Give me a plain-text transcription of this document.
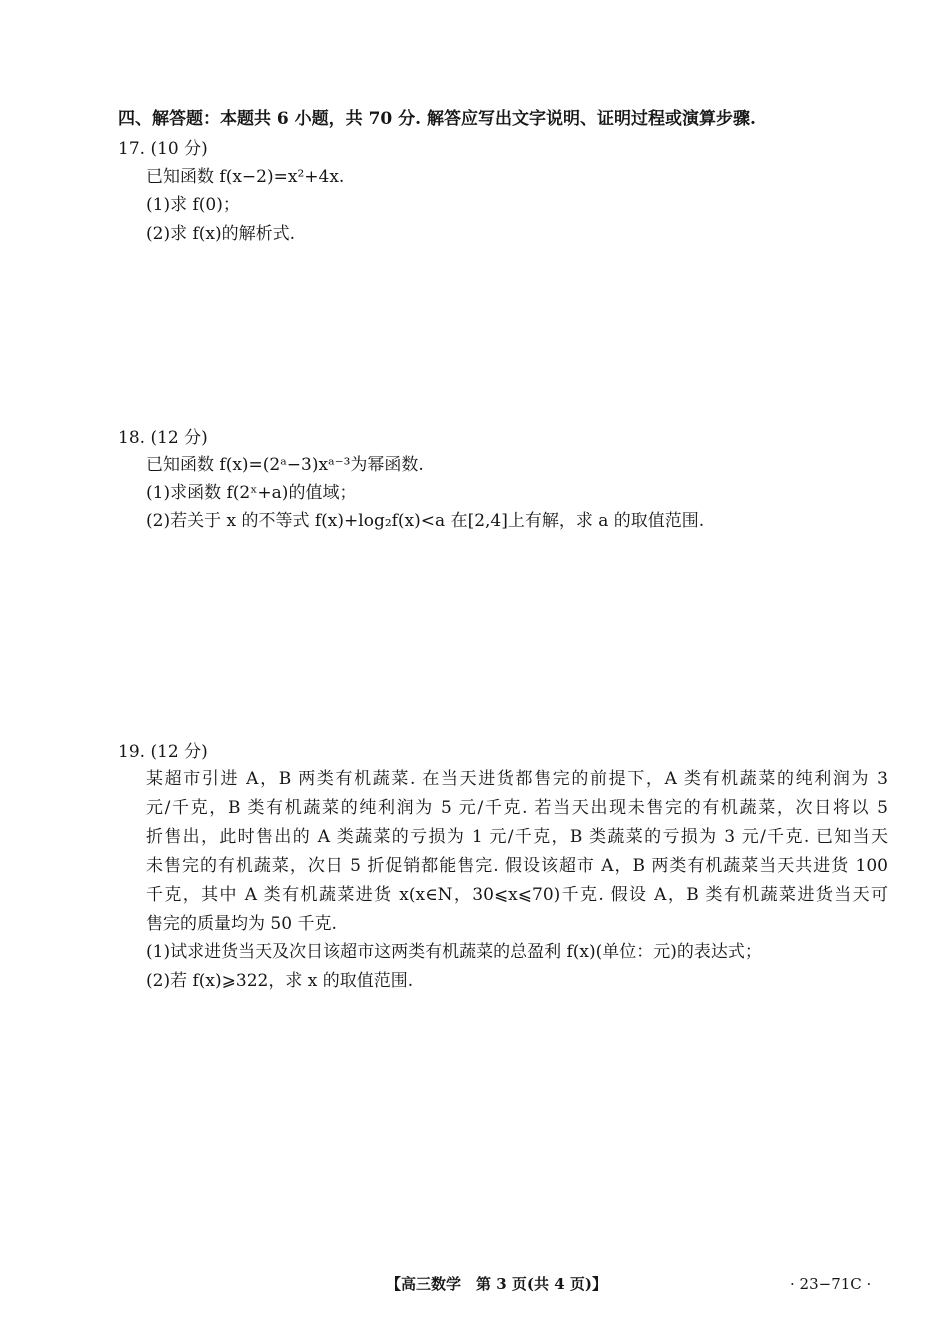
四、解答题：本题共 6 小题，共 70 分. 解答应写出文字说明、证明过程或演算步骤.
17. (10 分)
已知函数 f(x−2)=x²+4x.
(1)求 f(0)；
(2)求 f(x)的解析式.
18. (12 分)
已知函数 f(x)=(2ᵃ−3)xᵃ⁻³为幂函数.
(1)求函数 f(2ˣ+a)的值域；
(2)若关于 x 的不等式 f(x)+log₂f(x)<a 在[2,4]上有解，求 a 的取值范围.
19. (12 分)
某超市引进 A，B 两类有机蔬菜. 在当天进货都售完的前提下，A 类有机蔬菜的纯利润为 3
元/千克，B 类有机蔬菜的纯利润为 5 元/千克. 若当天出现未售完的有机蔬菜，次日将以 5
折售出，此时售出的 A 类蔬菜的亏损为 1 元/千克，B 类蔬菜的亏损为 3 元/千克. 已知当天
未售完的有机蔬菜，次日 5 折促销都能售完. 假设该超市 A，B 两类有机蔬菜当天共进货 100
千克，其中 A 类有机蔬菜进货 x(x∈N，30⩽x⩽70)千克. 假设 A，B 类有机蔬菜进货当天可
售完的质量均为 50 千克.
(1)试求进货当天及次日该超市这两类有机蔬菜的总盈利 f(x)(单位：元)的表达式；
(2)若 f(x)⩾322，求 x 的取值范围.
【高三数学　第 3 页(共 4 页)】	· 23−71C ·
